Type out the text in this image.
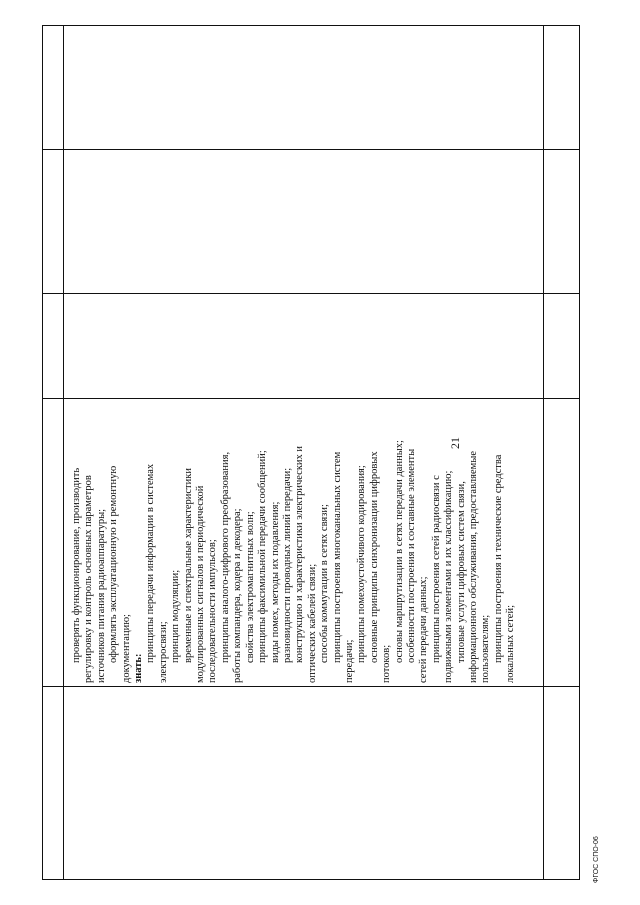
21
проверять функционирование, производить регулировку и контроль основных параметров источников питания радиоаппаратуры; оформлять эксплуатационную и ремонтную документацию; знать:
принципы передачи информации в системах электросвязи; принцип модуляции; временные и спектральные характеристики модулированных сигналов и периодической последовательности импульсов; принципы аналого-цифрового преобразования, работы компандера, кодера и декодера; свойства электромагнитных волн; принципы факсимильной передачи сообщений; виды помех, методы их подавления; разновидности проводных линий передачи; конструкцию и характеристики электрических и оптических кабелей связи; способы коммутации в сетях связи; принципы построения многоканальных систем передачи; принципы помехоустойчивого кодирования; основные принципы синхронизации цифровых
потоков;
основы маршрутизации в сетях передачи данных; особенности построения и составные элементы сетей передачи данных; принципы построения сетей радиосвязи с подвижными элементами и их классификацию; типовые услуги цифровых систем связи, информационного обслуживания, предоставляемые пользователям; принципы построения и технические средства локальных сетей;
ФГОС СПО-06
